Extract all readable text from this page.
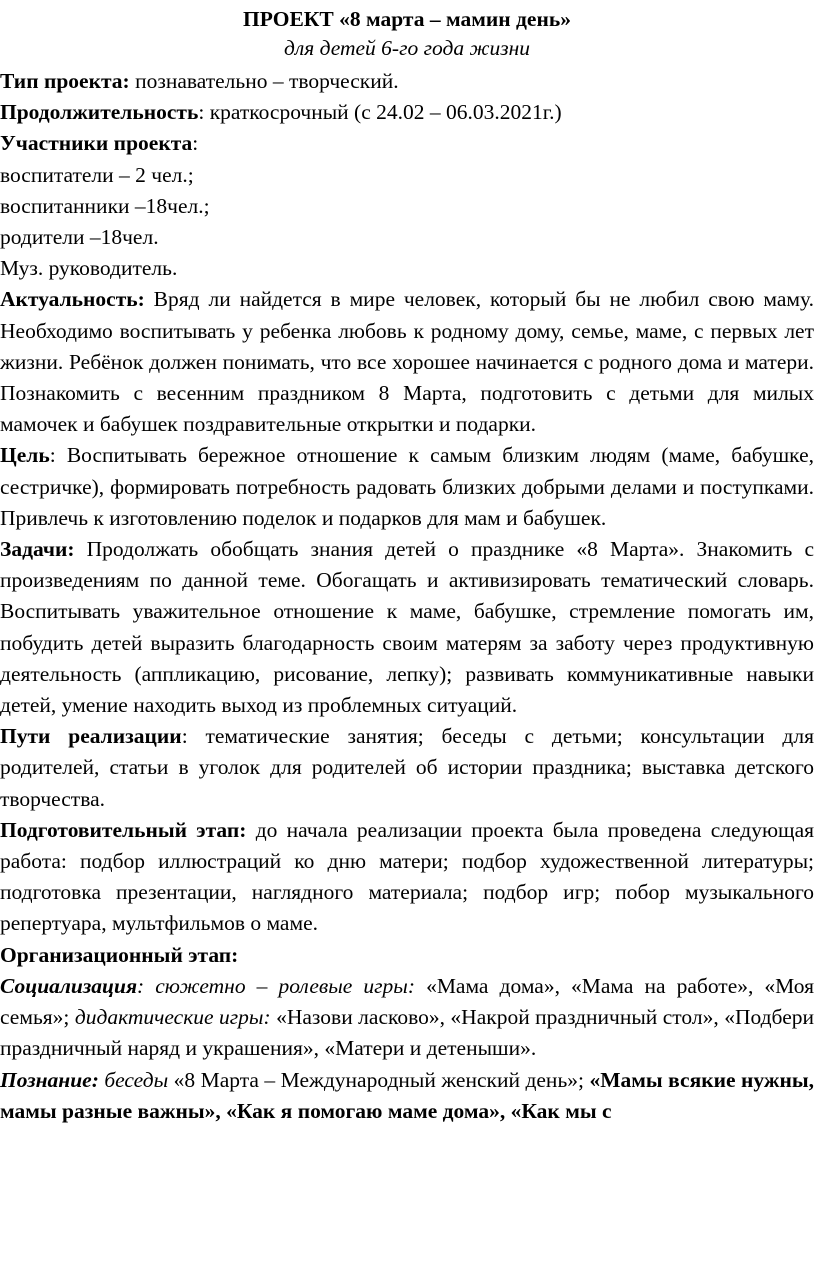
ПРОЕКТ «8 марта – мамин день»

для детей 6-го года жизни

Тип проекта: познавательно – творческий.

Продолжительность: краткосрочный (с 24.02 – 06.03.2021г.)

Участники проекта:

воспитатели – 2 чел.;

воспитанники –18чел.;

родители –18чел.

Муз. руководитель.

Актуальность: Вряд ли найдется в мире человек, который бы не любил свою маму. Необходимо воспитывать у ребенка любовь к родному дому, семье, маме, с первых лет жизни. Ребёнок должен понимать, что все хорошее начинается с родного дома и матери. Познакомить с весенним праздником 8 Марта, подготовить с детьми для милых мамочек и бабушек поздравительные открытки и подарки.

Цель: Воспитывать бережное отношение к самым близким людям (маме, бабушке, сестричке), формировать потребность радовать близких добрыми делами и поступками. Привлечь к изготовлению поделок и подарков для мам и бабушек.

Задачи: Продолжать обобщать знания детей о празднике «8 Марта». Знакомить с произведениям по данной теме. Обогащать и активизировать тематический словарь. Воспитывать уважительное отношение к маме, бабушке, стремление помогать им, побудить детей выразить благодарность своим матерям за заботу через продуктивную деятельность (аппликацию, рисование, лепку); развивать коммуникативные навыки детей, умение находить выход из проблемных ситуаций.

Пути реализации: тематические занятия; беседы с детьми; консультации для родителей, статьи в уголок для родителей об истории праздника; выставка детского творчества.

Подготовительный этап: до начала реализации проекта была проведена следующая работа: подбор иллюстраций ко дню матери; подбор художественной литературы; подготовка презентации, наглядного материала; подбор игр; побор музыкального репертуара, мультфильмов о маме.

Организационный этап:

Социализация: сюжетно – ролевые игры: «Мама дома», «Мама на работе», «Моя семья»; дидактические игры: «Назови ласково», «Накрой праздничный стол», «Подбери праздничный наряд и украшения», «Матери и детеныши».

Познание: беседы «8 Марта – Международный женский день»; «Мамы всякие нужны, мамы разные важны», «Как я помогаю маме дома», «Как мы с
